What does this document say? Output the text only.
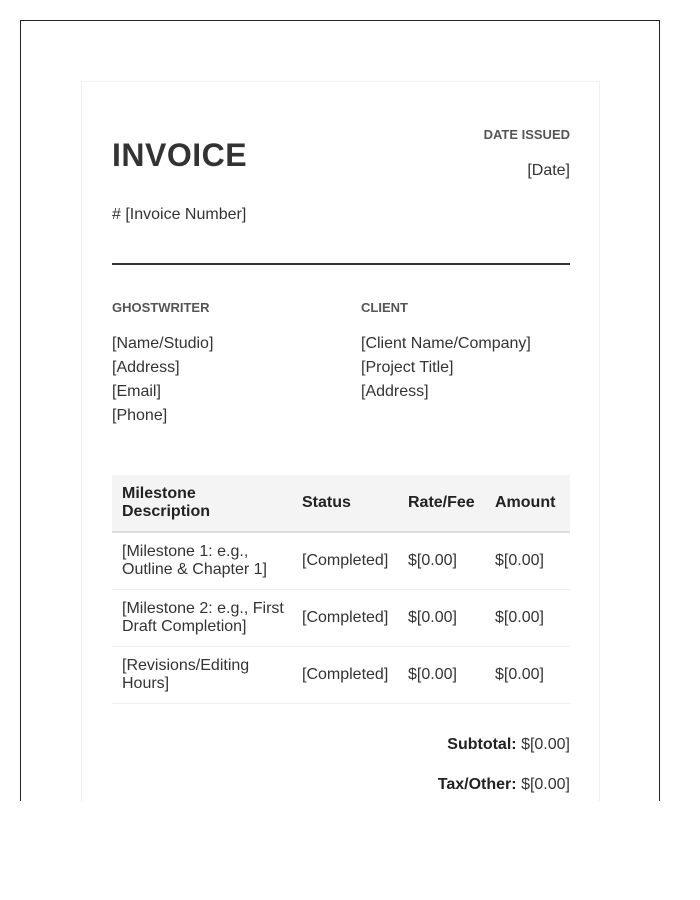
INVOICE
DATE ISSUED
[Date]
# [Invoice Number]
GHOSTWRITER
[Name/Studio]
[Address]
[Email]
[Phone]
CLIENT
[Client Name/Company]
[Project Title]
[Address]
Milestone Description	Status	Rate/Fee	Amount
[Milestone 1: e.g., Outline & Chapter 1]	[Completed]	$[0.00]	$[0.00]
[Milestone 2: e.g., First Draft Completion]	[Completed]	$[0.00]	$[0.00]
[Revisions/Editing Hours]	[Completed]	$[0.00]	$[0.00]
Subtotal: $[0.00]
Tax/Other: $[0.00]
